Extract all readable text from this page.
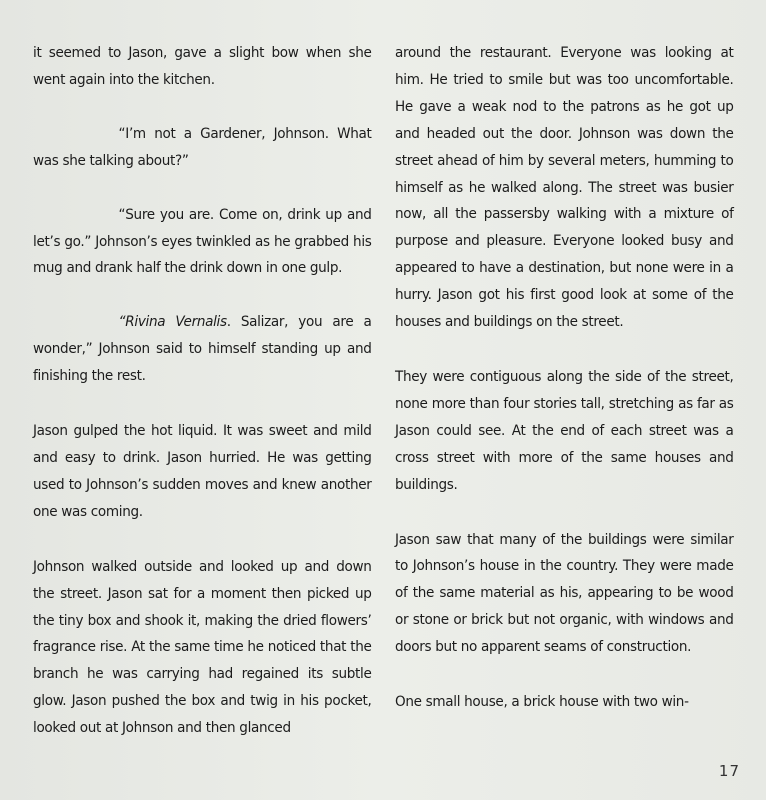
it seemed to Jason, gave a slight bow when she went again into the kitchen.

“I’m not a Gardener, Johnson. What was she talking about?”

“Sure you are. Come on, drink up and let’s go.” Johnson’s eyes twinkled as he grabbed his mug and drank half the drink down in one gulp.

“Rivina Vernalis. Salizar, you are a wonder,” Johnson said to himself standing up and finishing the rest.

Jason gulped the hot liquid. It was sweet and mild and easy to drink. Jason hurried. He was getting used to Johnson’s sudden moves and knew another one was coming.

Johnson walked outside and looked up and down the street. Jason sat for a moment then picked up the tiny box and shook it, making the dried flowers’ fragrance rise. At the same time he noticed that the branch he was carrying had regained its subtle glow. Jason pushed the box and twig in his pocket, looked out at Johnson and then glanced

around the restaurant. Everyone was looking at him. He tried to smile but was too uncomfortable. He gave a weak nod to the patrons as he got up and headed out the door. Johnson was down the street ahead of him by several meters, humming to himself as he walked along. The street was busier now, all the passersby walking with a mixture of purpose and pleasure. Everyone looked busy and appeared to have a destination, but none were in a hurry. Jason got his first good look at some of the houses and buildings on the street.

They were contiguous along the side of the street, none more than four stories tall, stretching as far as Jason could see. At the end of each street was a cross street with more of the same houses and buildings.

Jason saw that many of the buildings were similar to Johnson’s house in the country. They were made of the same material as his, appearing to be wood or stone or brick but not organic, with windows and doors but no apparent seams of construction.

One small house, a brick house with two win-

17
